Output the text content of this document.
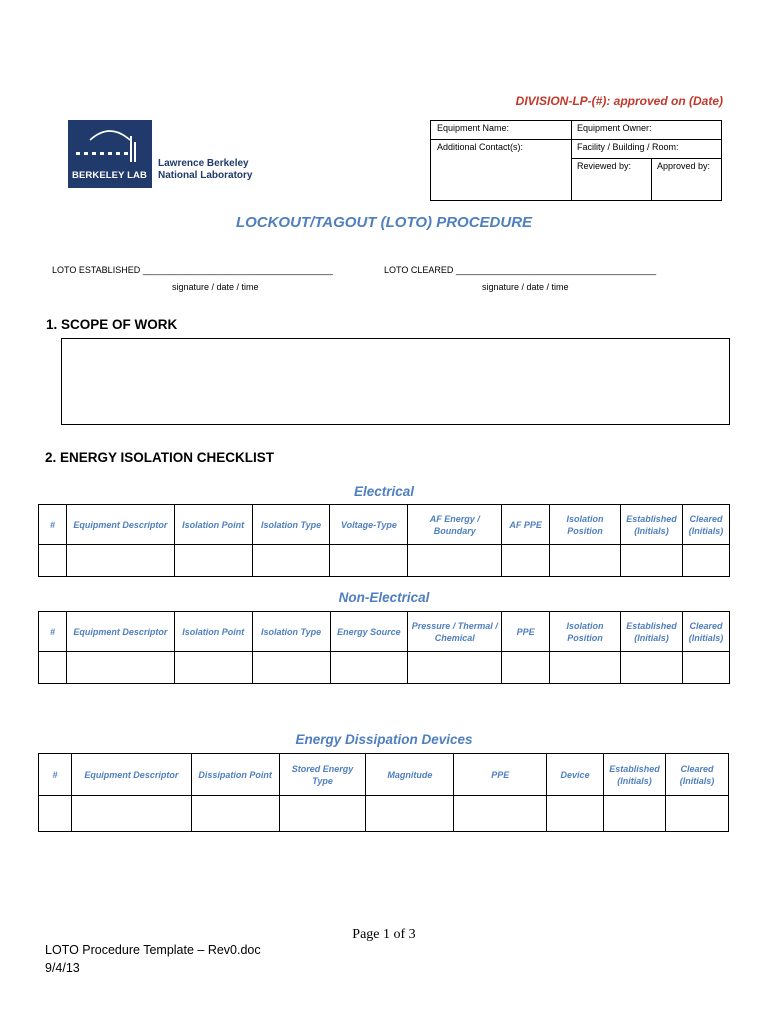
DIVISION-LP-(#): approved on (Date)
BERKELEY LAB
Lawrence Berkeley
National Laboratory
Equipment Name:	Equipment Owner:
Additional Contact(s):	Facility / Building / Room:
Reviewed by:	Approved by:
LOCKOUT/TAGOUT (LOTO) PROCEDURE
LOTO ESTABLISHED ______________________________________
signature / date / time
LOTO CLEARED ________________________________________
signature / date / time
1. SCOPE OF WORK
2. ENERGY ISOLATION CHECKLIST
Electrical
#	Equipment Descriptor	Isolation Point	Isolation Type	Voltage-Type	AF Energy / Boundary	AF PPE	Isolation Position	Established (Initials)	Cleared (Initials)

Non-Electrical
#	Equipment Descriptor	Isolation Point	Isolation Type	Energy Source	Pressure / Thermal / Chemical	PPE	Isolation Position	Established (Initials)	Cleared (Initials)

Energy Dissipation Devices
#	Equipment Descriptor	Dissipation Point	Stored Energy Type	Magnitude	PPE	Device	Established (Initials)	Cleared (Initials)

Page 1 of 3
LOTO Procedure Template – Rev0.doc
9/4/13
